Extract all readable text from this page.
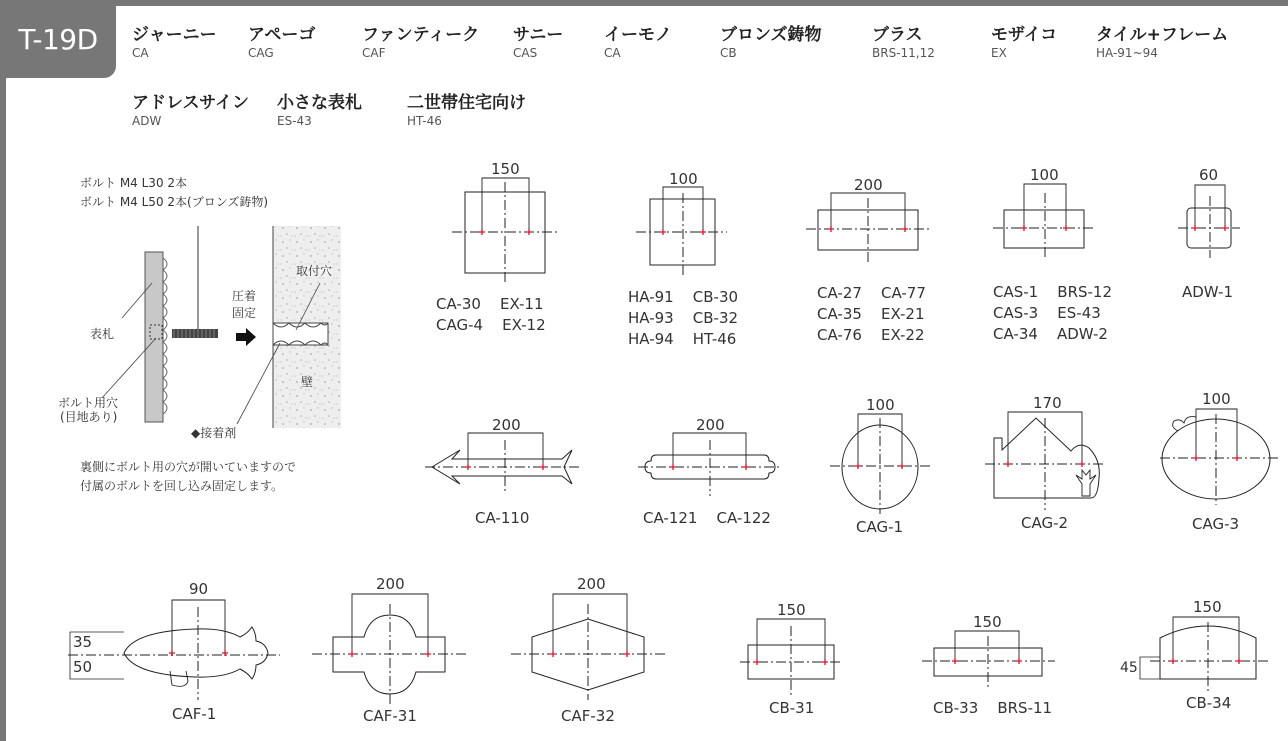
T-19D	ジャーニー
CA
アペーゴ
CAG
ファンティーク
CAF
サニー
CAS
イーモノ
CA
ブロンズ鋳物
CB
ブラス
BRS-11,12
モザイコ
EX
タイル+フレーム
HA-91~94
アドレスサイン
ADW
小さな表札
ES-43
二世帯住宅向け
HT-46
ボルト M4 L30 2本
ボルト M4 L50 2本(ブロンズ鋳物)
表札
ボルト用穴
(目地あり)
圧着
固定
取付穴
壁
◆接着剤
裏側にボルト用の穴が開いていますので
付属のボルトを回し込み固定します。
150
100	200
100	60
200	200
100	170	100
90	200	200
150
150
150
35
50	45
CA-30    EX-11
CAG-4    EX-12
HA-91    CB-30
HA-93    CB-32
HA-94    HT-46
CA-27    CA-77
CA-35    EX-21
CA-76    EX-22
CAS-1    BRS-12
CAS-3    ES-43
CA-34    ADW-2
ADW-1
CA-110	CA-121    CA-122	CAG-1	CAG-2	CAG-3
CAF-1	CAF-31	CAF-32	CB-31	CB-33    BRS-11	CB-34
